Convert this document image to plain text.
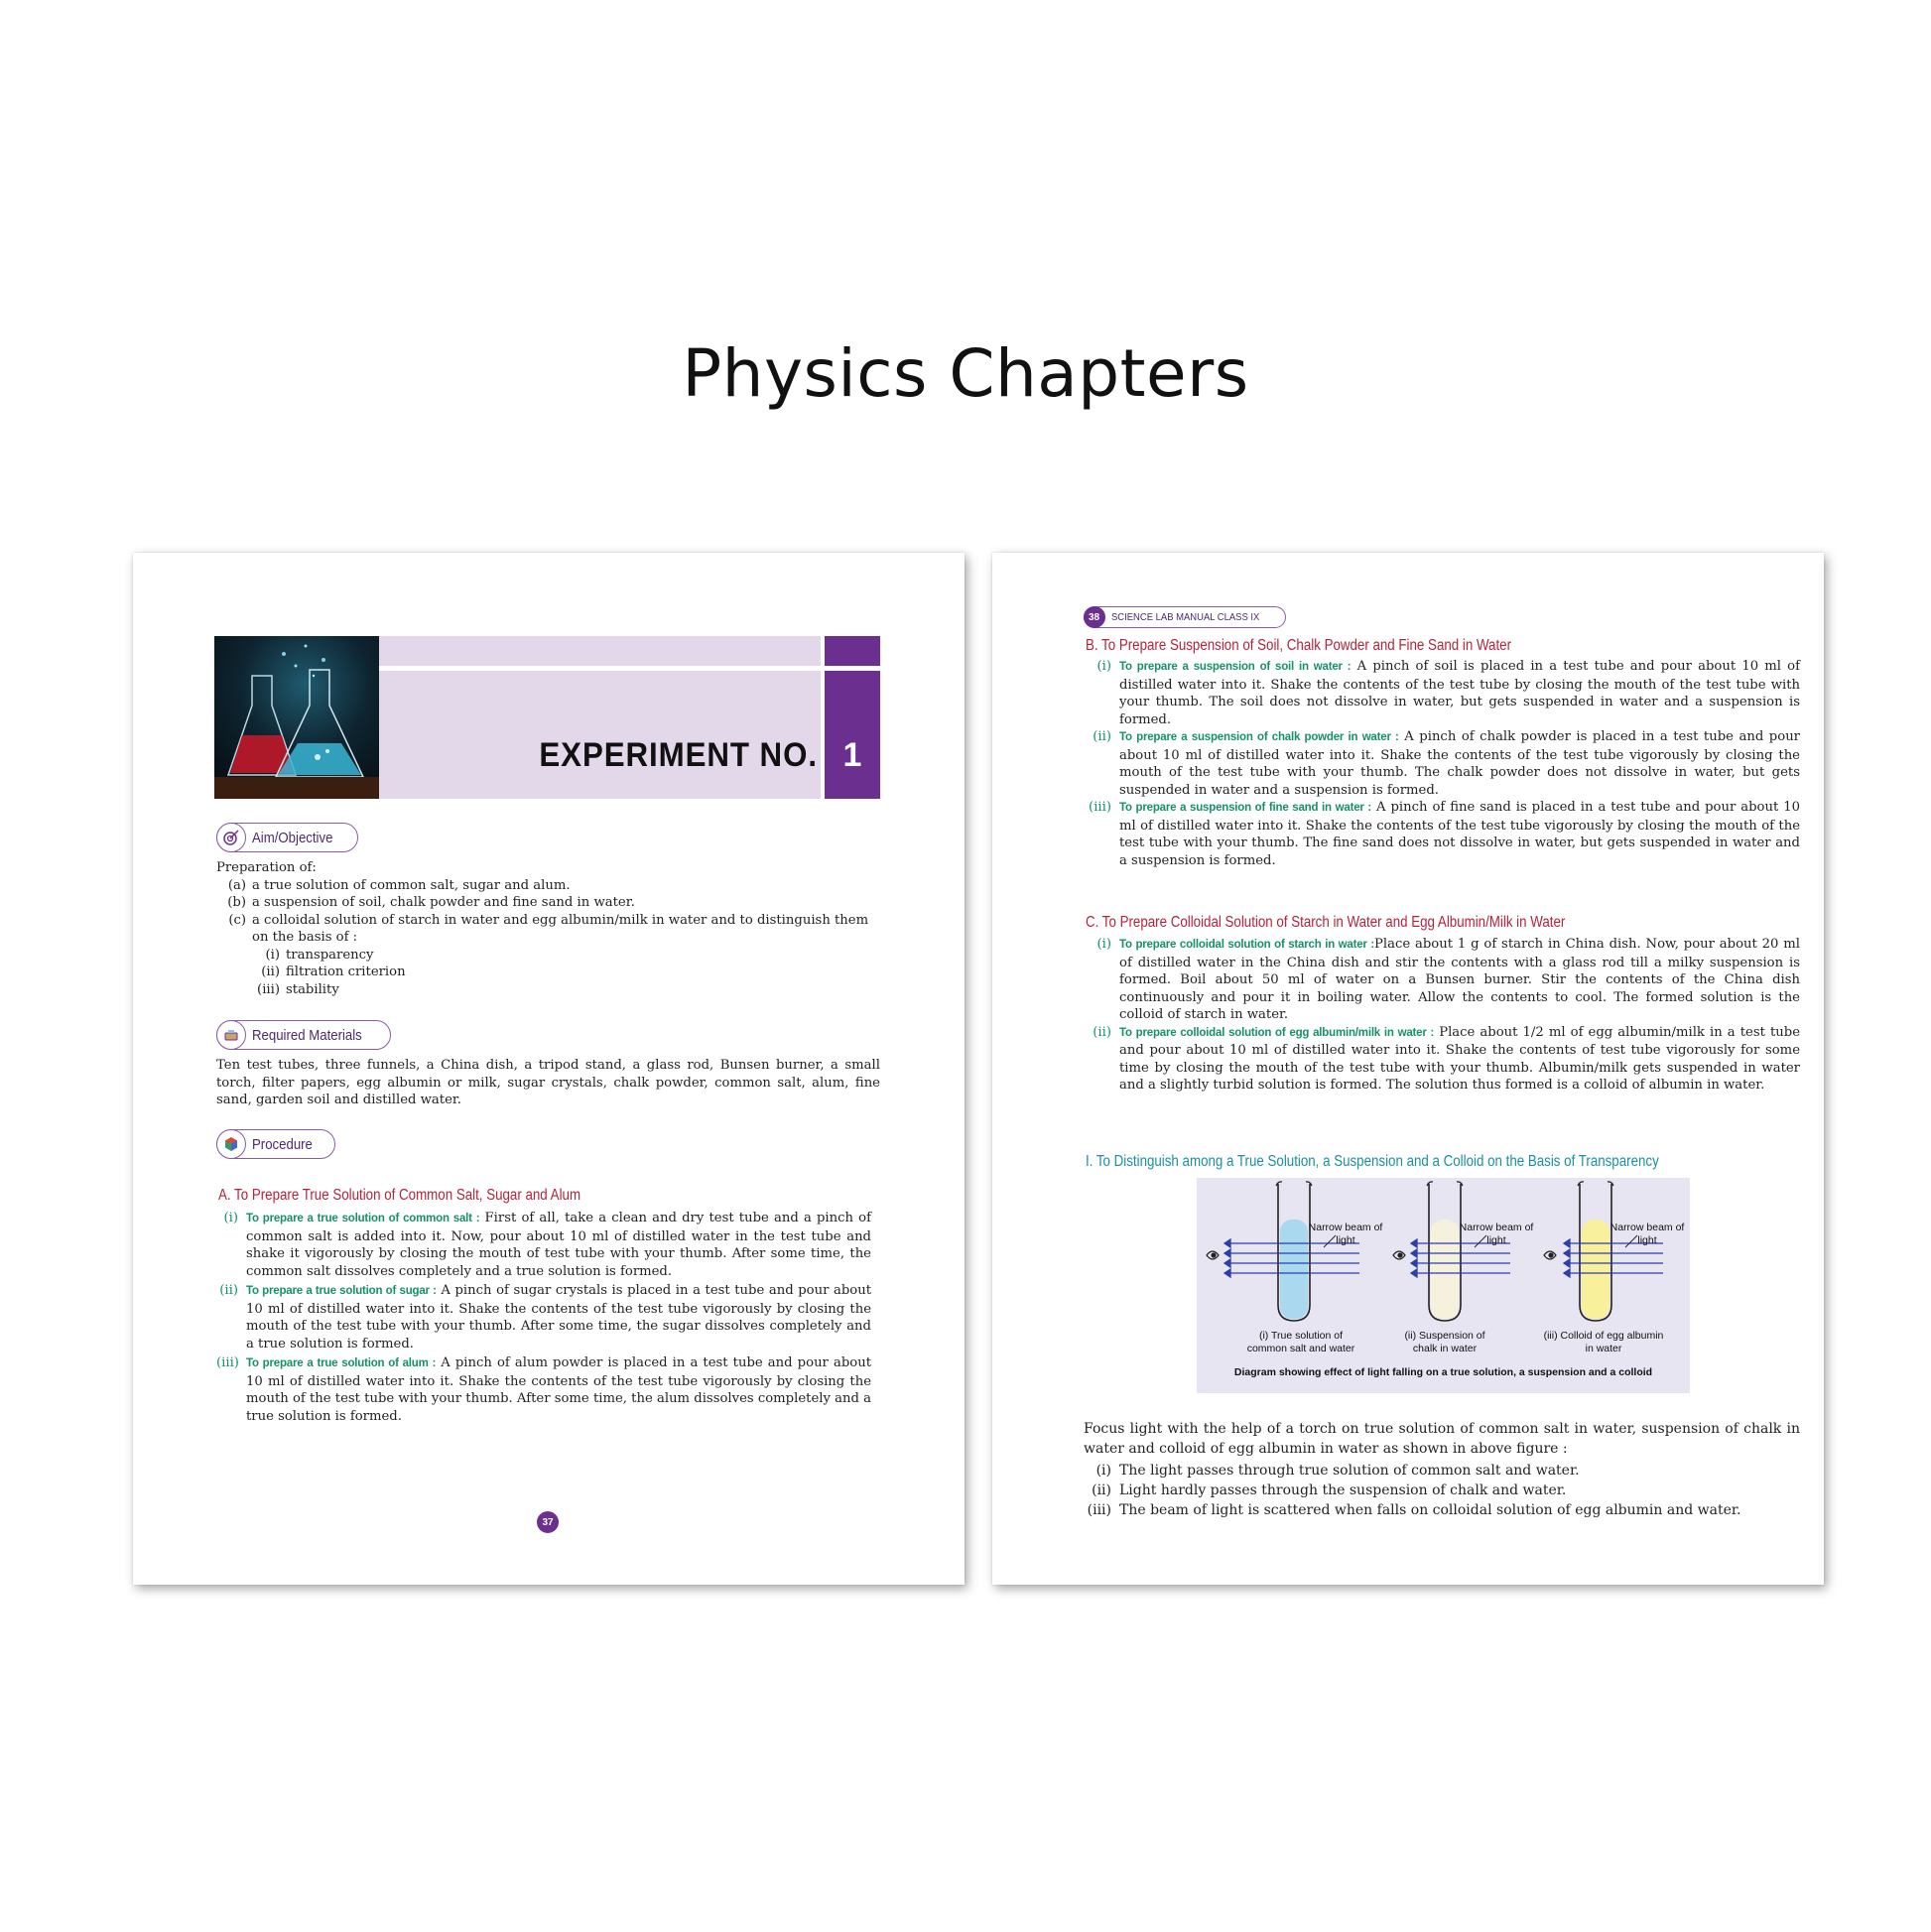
Physics Chapters
EXPERIMENT NO. 1
Aim/Objective
Preparation of:
(a) a true solution of common salt, sugar and alum.
(b) a suspension of soil, chalk powder and fine sand in water.
(c) a colloidal solution of starch in water and egg albumin/milk in water and to distinguish them on the basis of :
(i) transparency
(ii) filtration criterion
(iii) stability
Required Materials
Ten test tubes, three funnels, a China dish, a tripod stand, a glass rod, Bunsen burner, a small torch, filter papers, egg albumin or milk, sugar crystals, chalk powder, common salt, alum, fine sand, garden soil and distilled water.
Procedure
A. To Prepare True Solution of Common Salt, Sugar and Alum
(i) To prepare a true solution of common salt : First of all, take a clean and dry test tube and a pinch of common salt is added into it. Now, pour about 10 ml of distilled water in the test tube and shake it vigorously by closing the mouth of test tube with your thumb. After some time, the common salt dissolves completely and a true solution is formed.
(ii) To prepare a true solution of sugar : A pinch of sugar crystals is placed in a test tube and pour about 10 ml of distilled water into it. Shake the contents of the test tube vigorously by closing the mouth of the test tube with your thumb. After some time, the sugar dissolves completely and a true solution is formed.
(iii) To prepare a true solution of alum : A pinch of alum powder is placed in a test tube and pour about 10 ml of distilled water into it. Shake the contents of the test tube vigorously by closing the mouth of the test tube with your thumb. After some time, the alum dissolves completely and a true solution is formed.
37
38	SCIENCE LAB MANUAL CLASS IX
B. To Prepare Suspension of Soil, Chalk Powder and Fine Sand in Water
(i) To prepare a suspension of soil in water : A pinch of soil is placed in a test tube and pour about 10 ml of distilled water into it. Shake the contents of the test tube by closing the mouth of the test tube with your thumb. The soil does not dissolve in water, but gets suspended in water and a suspension is formed.
(ii) To prepare a suspension of chalk powder in water : A pinch of chalk powder is placed in a test tube and pour about 10 ml of distilled water into it. Shake the contents of the test tube vigorously by closing the mouth of the test tube with your thumb. The chalk powder does not dissolve in water, but gets suspended in water and a suspension is formed.
(iii) To prepare a suspension of fine sand in water : A pinch of fine sand is placed in a test tube and pour about 10 ml of distilled water into it. Shake the contents of the test tube vigorously by closing the mouth of the test tube with your thumb. The fine sand does not dissolve in water, but gets suspended in water and a suspension is formed.
C. To Prepare Colloidal Solution of Starch in Water and Egg Albumin/Milk in Water
(i) To prepare colloidal solution of starch in water :Place about 1 g of starch in China dish. Now, pour about 20 ml of distilled water in the China dish and stir the contents with a glass rod till a milky suspension is formed. Boil about 50 ml of water on a Bunsen burner. Stir the contents of the China dish continuously and pour it in boiling water. Allow the contents to cool. The formed solution is the colloid of starch in water.
(ii) To prepare colloidal solution of egg albumin/milk in water : Place about 1/2 ml of egg albumin/milk in a test tube and pour about 10 ml of distilled water into it. Shake the contents of test tube vigorously for some time by closing the mouth of the test tube with your thumb. Albumin/milk gets suspended in water and a slightly turbid solution is formed. The solution thus formed is a colloid of albumin in water.
I. To Distinguish among a True Solution, a Suspension and a Colloid on the Basis of Transparency
Narrow beam of light
Narrow beam of light
Narrow beam of light
(i) True solution of
common salt and water
(ii) Suspension of
chalk in water
(iii) Colloid of egg albumin
in water
Diagram showing effect of light falling on a true solution, a suspension and a colloid
Focus light with the help of a torch on true solution of common salt in water, suspension of chalk in water and colloid of egg albumin in water as shown in above figure :
(i) The light passes through true solution of common salt and water.
(ii) Light hardly passes through the suspension of chalk and water.
(iii) The beam of light is scattered when falls on colloidal solution of egg albumin and water.
